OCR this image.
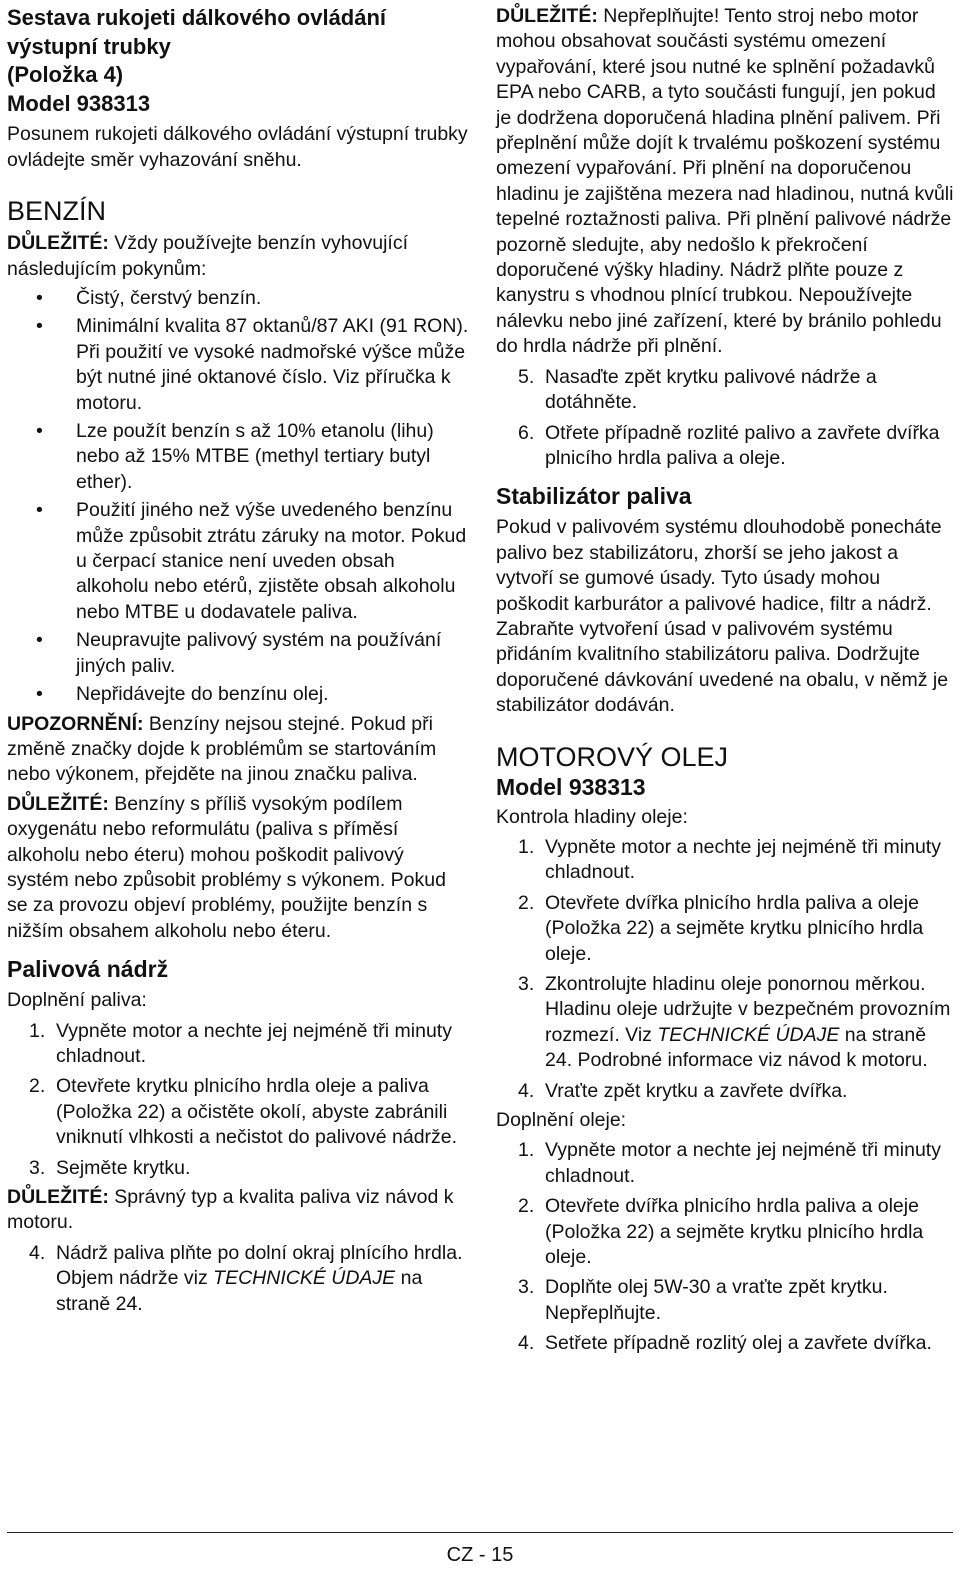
Sestava rukojeti dálkového ovládání
výstupní trubky
(Položka 4)
Model 938313

Posunem rukojeti dálkového ovládání výstupní trubky ovládejte směr vyhazování sněhu.

BENZÍN

DŮLEŽITÉ: Vždy používejte benzín vyhovující následujícím pokynům:

• Čistý, čerstvý benzín.
• Minimální kvalita 87 oktanů/87 AKI (91 RON). Při použití ve vysoké nadmořské výšce může být nutné jiné oktanové číslo. Viz příručka k motoru.
• Lze použít benzín s až 10% etanolu (lihu) nebo až 15% MTBE (methyl tertiary butyl ether).
• Použití jiného než výše uvedeného benzínu může způsobit ztrátu záruky na motor. Pokud u čerpací stanice není uveden obsah alkoholu nebo etérů, zjistěte obsah alkoholu nebo MTBE u dodavatele paliva.
• Neupravujte palivový systém na používání jiných paliv.
• Nepřidávejte do benzínu olej.

UPOZORNĚNÍ: Benzíny nejsou stejné. Pokud při změně značky dojde k problémům se startováním nebo výkonem, přejděte na jinou značku paliva.

DŮLEŽITÉ: Benzíny s příliš vysokým podílem oxygenátu nebo reformulátu (paliva s příměsí alkoholu nebo éteru) mohou poškodit palivový systém nebo způsobit problémy s výkonem. Pokud se za provozu objeví problémy, použijte benzín s nižším obsahem alkoholu nebo éteru.

Palivová nádrž

Doplnění paliva:

1. Vypněte motor a nechte jej nejméně tři minuty chladnout.
2. Otevřete krytku plnicího hrdla oleje a paliva (Položka 22) a očistěte okolí, abyste zabránili vniknutí vlhkosti a nečistot do palivové nádrže.
3. Sejměte krytku.

DŮLEŽITÉ: Správný typ a kvalita paliva viz návod k motoru.

4. Nádrž paliva plňte po dolní okraj plnícího hrdla. Objem nádrže viz TECHNICKÉ ÚDAJE na straně 24.

DŮLEŽITÉ: Nepřeplňujte! Tento stroj nebo motor mohou obsahovat součásti systému omezení vypařování, které jsou nutné ke splnění požadavků EPA nebo CARB, a tyto součásti fungují, jen pokud je dodržena doporučená hladina plnění palivem. Při přeplnění může dojít k trvalému poškození systému omezení vypařování. Při plnění na doporučenou hladinu je zajištěna mezera nad hladinou, nutná kvůli tepelné roztažnosti paliva. Při plnění palivové nádrže pozorně sledujte, aby nedošlo k překročení doporučené výšky hladiny. Nádrž plňte pouze z kanystru s vhodnou plnící trubkou. Nepoužívejte nálevku nebo jiné zařízení, které by bránilo pohledu do hrdla nádrže při plnění.

5. Nasaďte zpět krytku palivové nádrže a dotáhněte.
6. Otřete případně rozlité palivo a zavřete dvířka plnicího hrdla paliva a oleje.
Stabilizátor paliva

Pokud v palivovém systému dlouhodobě ponecháte palivo bez stabilizátoru, zhorší se jeho jakost a vytvoří se gumové úsady. Tyto úsady mohou poškodit karburátor a palivové hadice, filtr a nádrž. Zabraňte vytvoření úsad v palivovém systému přidáním kvalitního stabilizátoru paliva. Dodržujte doporučené dávkování uvedené na obalu, v němž je stabilizátor dodáván.

MOTOROVÝ OLEJ

Model 938313

Kontrola hladiny oleje:

1. Vypněte motor a nechte jej nejméně tři minuty chladnout.
2. Otevřete dvířka plnicího hrdla paliva a oleje (Položka 22) a sejměte krytku plnicího hrdla oleje.
3. Zkontrolujte hladinu oleje ponornou měrkou. Hladinu oleje udržujte v bezpečném provozním rozmezí. Viz TECHNICKÉ ÚDAJE na straně 24. Podrobné informace viz návod k motoru.
4. Vraťte zpět krytku a zavřete dvířka.

Doplnění oleje:

1. Vypněte motor a nechte jej nejméně tři minuty chladnout.
2. Otevřete dvířka plnicího hrdla paliva a oleje (Položka 22) a sejměte krytku plnicího hrdla oleje.
3. Doplňte olej 5W-30 a vraťte zpět krytku. Nepřeplňujte.
4. Setřete případně rozlitý olej a zavřete dvířka.
CZ - 15
